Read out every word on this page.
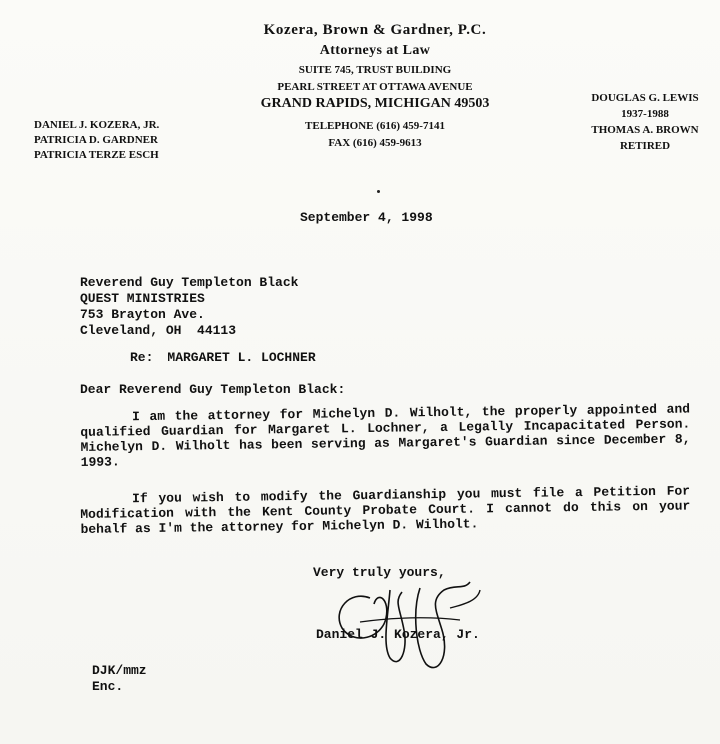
Kozera, Brown & Gardner, P.C.
Attorneys at Law
SUITE 745, TRUST BUILDING
PEARL STREET AT OTTAWA AVENUE
GRAND RAPIDS, MICHIGAN 49503
TELEPHONE (616) 459-7141
FAX (616) 459-9613
DANIEL J. KOZERA, JR.
PATRICIA D. GARDNER
PATRICIA TERZE ESCH
DOUGLAS G. LEWIS
1937-1988
THOMAS A. BROWN
RETIRED
September 4, 1998
Reverend Guy Templeton Black
QUEST MINISTRIES
753 Brayton Ave.
Cleveland, OH  44113
Re: MARGARET L. LOCHNER
Dear Reverend Guy Templeton Black:
I am the attorney for Michelyn D. Wilholt, the properly appointed and qualified Guardian for Margaret L. Lochner, a Legally Incapacitated Person. Michelyn D. Wilholt has been serving as Margaret's Guardian since December 8, 1993.
If you wish to modify the Guardianship you must file a Petition For Modification with the Kent County Probate Court. I cannot do this on your behalf as I'm the attorney for Michelyn D. Wilholt.
Very truly yours,
Daniel J. Kozera, Jr.
DJK/mmz
Enc.
